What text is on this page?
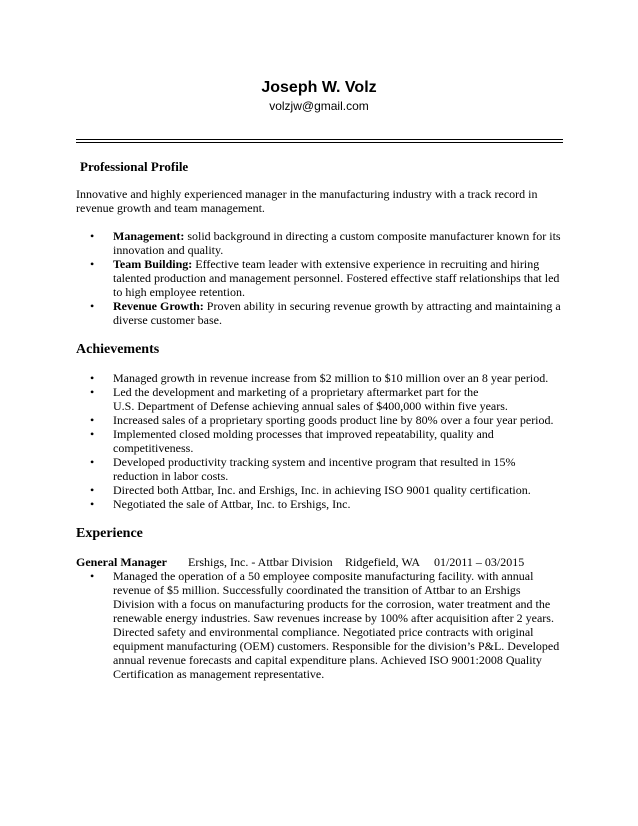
Joseph W. Volz
volzjw@gmail.com
Professional Profile

Innovative and highly experienced manager in the manufacturing industry with a track record in revenue growth and team management.

• Management: solid background in directing a custom composite manufacturer known for its innovation and quality.
• Team Building: Effective team leader with extensive experience in recruiting and hiring talented production and management personnel. Fostered effective staff relationships that led to high employee retention.
• Revenue Growth: Proven ability in securing revenue growth by attracting and maintaining a diverse customer base.
Achievements
• Managed growth in revenue increase from $2 million to $10 million over an 8 year period.
• Led the development and marketing of a proprietary aftermarket part for the
U.S. Department of Defense achieving annual sales of $400,000 within five years.
• Increased sales of a proprietary sporting goods product line by 80% over a four year period.
• Implemented closed molding processes that improved repeatability, quality and competitiveness.
• Developed productivity tracking system and incentive program that resulted in 15% reduction in labor costs.
• Directed both Attbar, Inc. and Ershigs, Inc. in achieving ISO 9001 quality certification.
• Negotiated the sale of Attbar, Inc. to Ershigs, Inc.
Experience
General Manager	Ershigs, Inc. - Attbar Division	Ridgefield, WA	01/2011 – 03/2015
• Managed the operation of a 50 employee composite manufacturing facility. with annual revenue of $5 million. Successfully coordinated the transition of Attbar to an Ershigs Division with a focus on manufacturing products for the corrosion, water treatment and the renewable energy industries. Saw revenues increase by 100% after acquisition after 2 years. Directed safety and environmental compliance. Negotiated price contracts with original equipment manufacturing (OEM) customers. Responsible for the division’s P&L. Developed annual revenue forecasts and capital expenditure plans. Achieved ISO 9001:2008 Quality Certification as management representative.
